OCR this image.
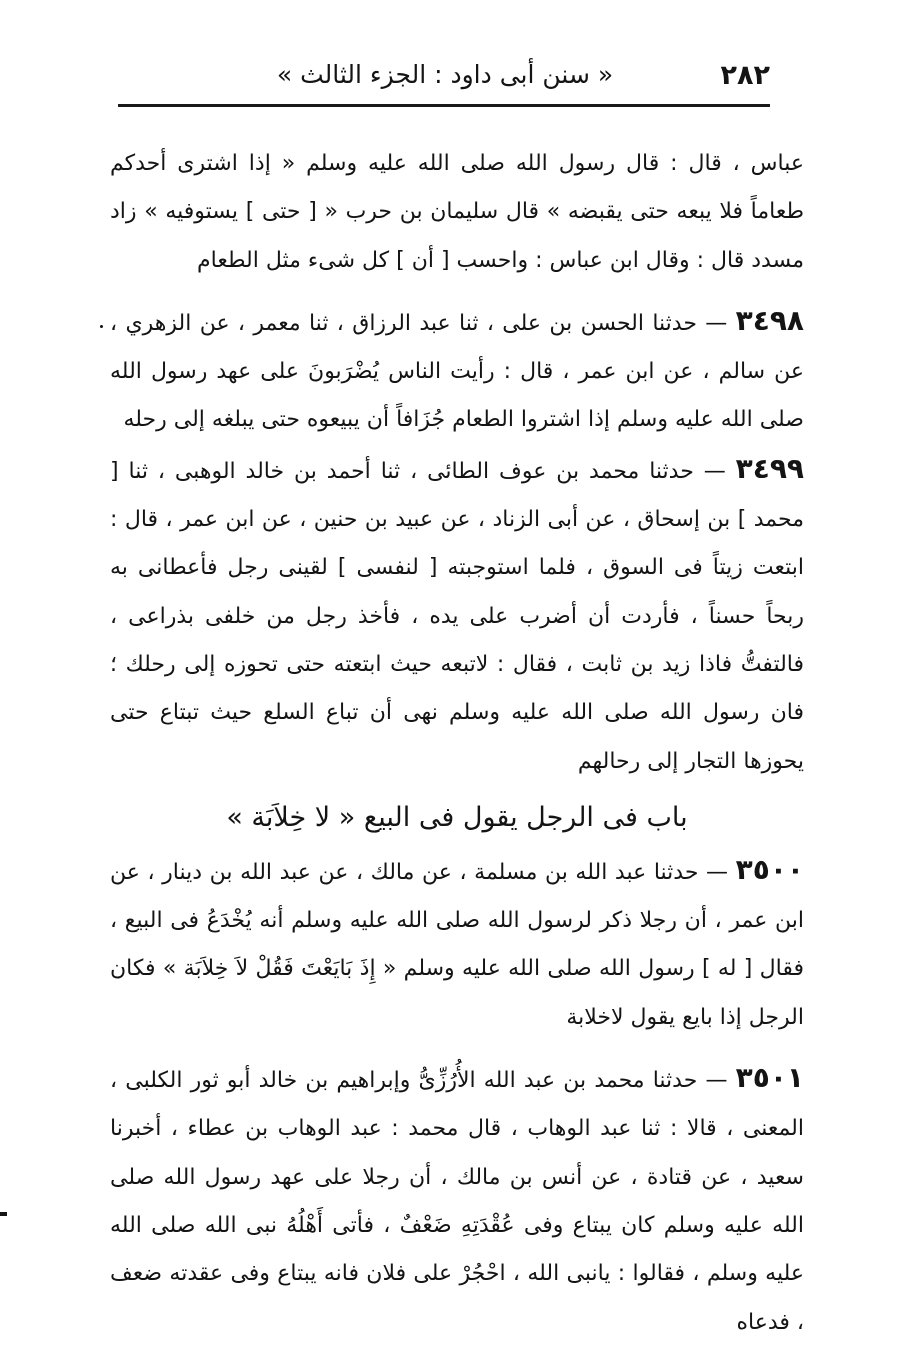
٢٨٢
« سنن أبى داود : الجزء الثالث »

عباس ، قال : قال رسول الله صلى الله عليه وسلم « إذا اشترى أحدكم طعاماً فلا يبعه حتى يقبضه » قال سليمان بن حرب « [ حتى ] يستوفيه » زاد مسدد قال : وقال ابن عباس : واحسب [ أن ] كل شىء مثل الطعام

٣٤٩٨ — حدثنا الحسن بن على ، ثنا عبد الرزاق ، ثنا معمر ، عن الزهري ، عن سالم ، عن ابن عمر ، قال : رأيت الناس يُضْرَبونَ على عهد رسول الله صلى الله عليه وسلم إذا اشتروا الطعام جُزَافاً أن يبيعوه حتى يبلغه إلى رحله

٣٤٩٩ — حدثنا محمد بن عوف الطائى ، ثنا أحمد بن خالد الوهبى ، ثنا [ محمد ] بن إسحاق ، عن أبى الزناد ، عن عبيد بن حنين ، عن ابن عمر ، قال : ابتعت زيتاً فى السوق ، فلما استوجبته [ لنفسى ] لقينى رجل فأعطانى به ربحاً حسناً ، فأردت أن أضرب على يده ، فأخذ رجل من خلفى بذراعى ، فالتفتُّ فاذا زيد بن ثابت ، فقال : لاتبعه حيث ابتعته حتى تحوزه إلى رحلك ؛ فان رسول الله صلى الله عليه وسلم نهى أن تباع السلع حيث تبتاع حتى يحوزها التجار إلى رحالهم

باب فى الرجل يقول فى البيع « لا خِلاَبَة »

٣٥٠٠ — حدثنا عبد الله بن مسلمة ، عن مالك ، عن عبد الله بن دينار ، عن ابن عمر ، أن رجلا ذكر لرسول الله صلى الله عليه وسلم أنه يُخْدَعُ فى البيع ، فقال [ له ] رسول الله صلى الله عليه وسلم « إِذَ بَايَعْتَ فَقُلْ لاَ خِلاَبَة » فكان الرجل إذا بايع يقول لاخلابة

٣٥٠١ — حدثنا محمد بن عبد الله الأُرُزِّىُّ وإبراهيم بن خالد أبو ثور الكلبى ، المعنى ، قالا : ثنا عبد الوهاب ، قال محمد : عبد الوهاب بن عطاء ، أخبرنا سعيد ، عن قتادة ، عن أنس بن مالك ، أن رجلا على عهد رسول الله صلى الله عليه وسلم كان يبتاع وفى عُقْدَتِهِ ضَعْفٌ ، فأتى أَهْلُهُ نبى الله صلى الله عليه وسلم ، فقالوا : يانبى الله ، احْجُرْ على فلان فانه يبتاع وفى عقدته ضعف ، فدعاه
